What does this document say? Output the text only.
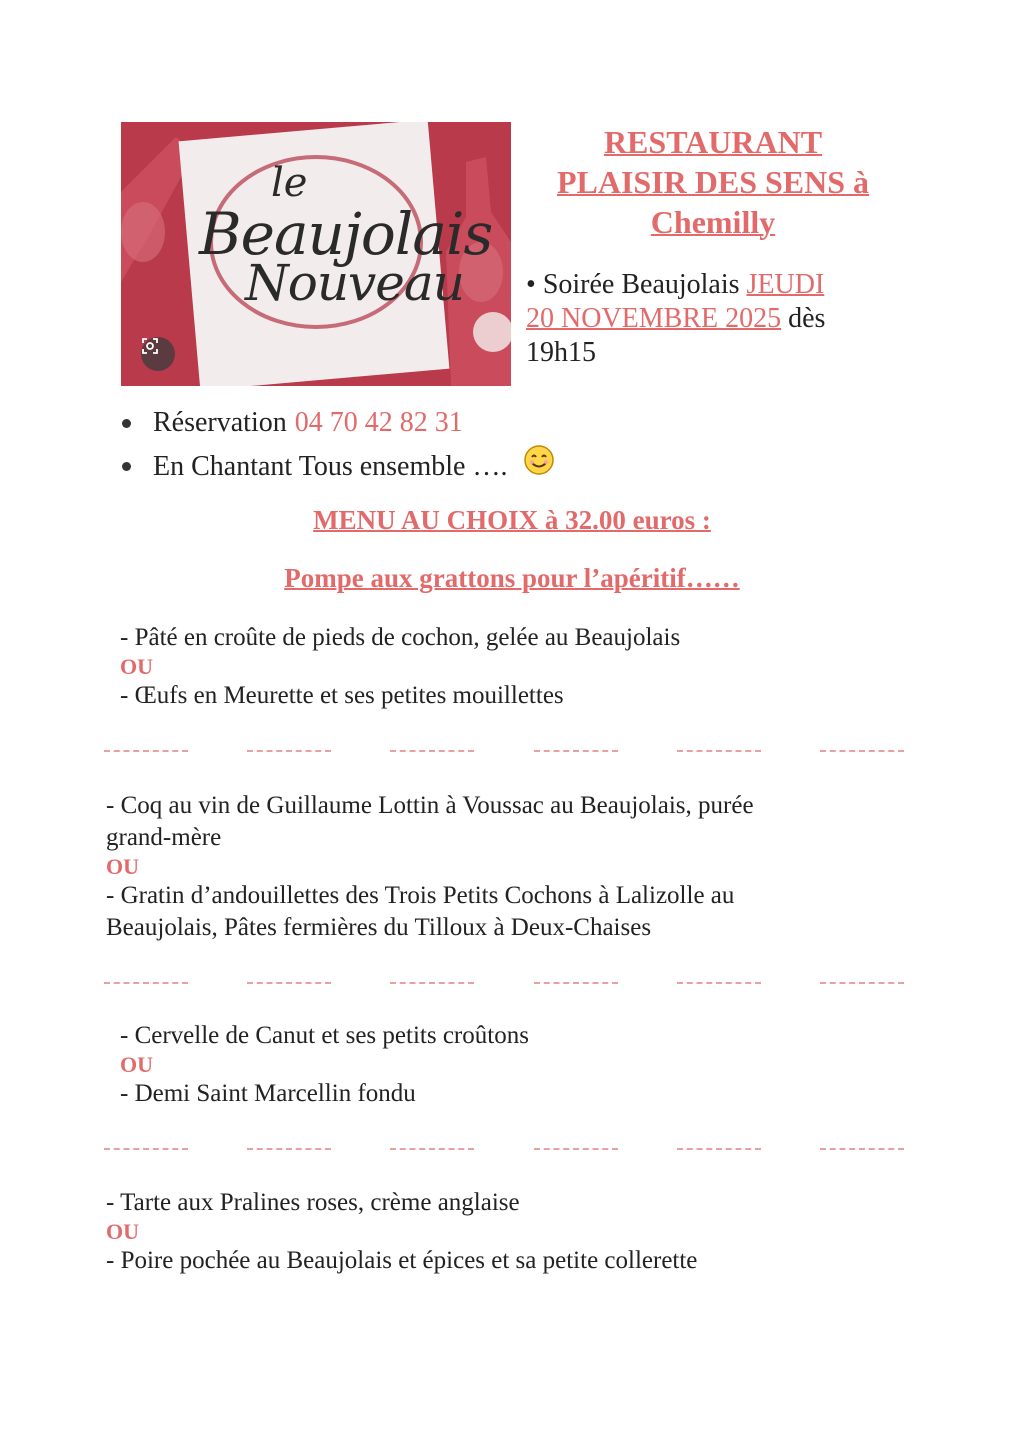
le
Beaujolais
Nouveau
RESTAURANT
PLAISIR DES SENS à
Chemilly
• Soirée Beaujolais JEUDI
20 NOVEMBRE 2025 dès
19h15
Réservation 04 70 42 82 31
En Chantant Tous ensemble ….
MENU AU CHOIX à 32.00 euros :
Pompe aux grattons pour l’apéritif……
- Pâté en croûte de pieds de cochon, gelée au Beaujolais
OU
- Œufs en Meurette et ses petites mouillettes
- Coq au vin de Guillaume Lottin à Voussac au Beaujolais, purée
grand-mère
OU
- Gratin d’andouillettes des Trois Petits Cochons à Lalizolle au
Beaujolais, Pâtes fermières du Tilloux à Deux-Chaises
- Cervelle de Canut et ses petits croûtons
OU
- Demi Saint Marcellin fondu
- Tarte aux Pralines roses, crème anglaise
OU
- Poire pochée au Beaujolais et épices et sa petite collerette
